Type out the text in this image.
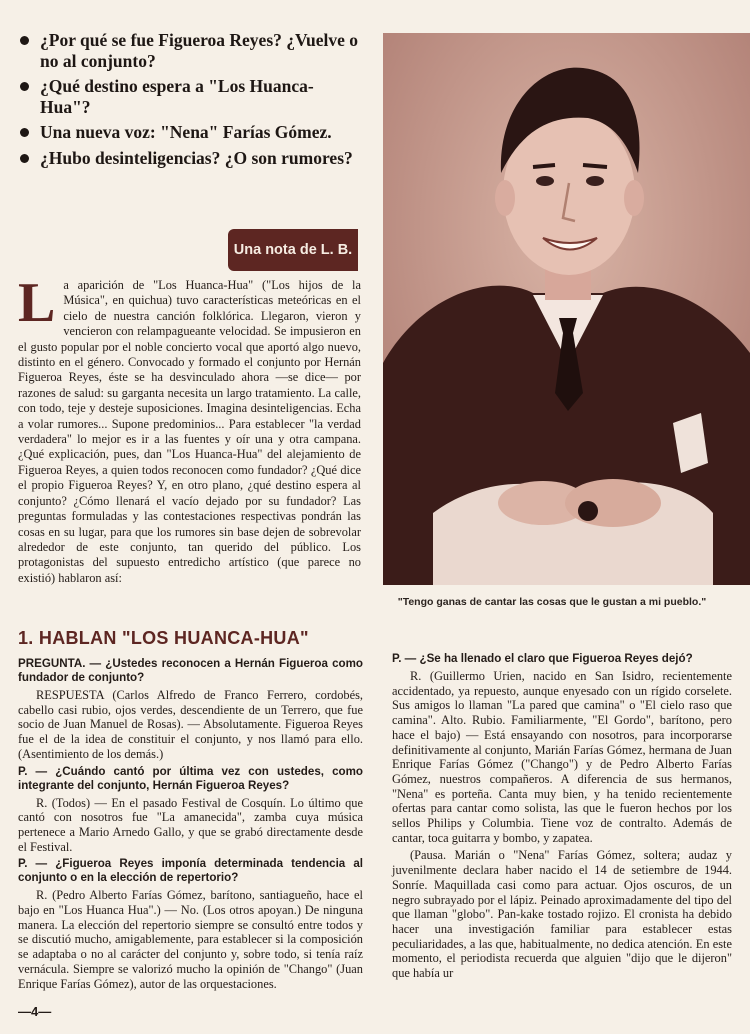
¿Por qué se fue Figueroa Reyes? ¿Vuelve o no al conjunto?
¿Qué destino espera a "Los Huanca-Hua"?
Una nueva voz: "Nena" Farías Gómez.
¿Hubo desinteligencias? ¿O son rumores?
Una nota de L. B.

La aparición de "Los Huanca-Hua" ("Los hijos de la Música", en quichua) tuvo características meteóricas en el cielo de nuestra canción folklórica. Llegaron, vieron y vencieron con relampagueante velocidad. Se impusieron en el gusto popular por el noble concierto vocal que aportó algo nuevo, distinto en el género. Convocado y formado el conjunto por Hernán Figueroa Reyes, éste se ha desvinculado ahora —se dice— por razones de salud: su garganta necesita un largo tratamiento. La calle, con todo, teje y desteje suposiciones. Imagina desinteligencias. Echa a volar rumores... Supone predominios... Para establecer "la verdad verdadera" lo mejor es ir a las fuentes y oír una y otra campana. ¿Qué explicación, pues, dan "Los Huanca-Hua" del alejamiento de Figueroa Reyes, a quien todos reconocen como fundador? ¿Qué dice el propio Figueroa Reyes? Y, en otro plano, ¿qué destino espera al conjunto? ¿Cómo llenará el vacío dejado por su fundador? Las preguntas formuladas y las contestaciones respectivas pondrán las cosas en su lugar, para que los rumores sin base dejen de sobrevolar alrededor de este conjunto, tan querido del público. Los protagonistas del supuesto entredicho artístico (que parece no existió) hablaron así:

"Tengo ganas de cantar las cosas que le gustan a mi pueblo."
1. HABLAN "LOS HUANCA-HUA"

PREGUNTA. — ¿Ustedes reconocen a Hernán Figueroa como fundador de conjunto?

RESPUESTA (Carlos Alfredo de Franco Ferrero, cordobés, cabello casi rubio, ojos verdes, descendiente de un Terrero, que fue socio de Juan Manuel de Rosas). — Absolutamente. Figueroa Reyes fue el de la idea de constituir el conjunto, y nos llamó para ello. (Asentimiento de los demás.)

P. — ¿Cuándo cantó por última vez con ustedes, como integrante del conjunto, Hernán Figueroa Reyes?

R. (Todos) — En el pasado Festival de Cosquín. Lo último que cantó con nosotros fue "La amanecida", zamba cuya música pertenece a Mario Arnedo Gallo, y que se grabó directamente desde el Festival.

P. — ¿Figueroa Reyes imponía determinada tendencia al conjunto o en la elección de repertorio?

R. (Pedro Alberto Farías Gómez, barítono, santiagueño, hace el bajo en "Los Huanca Hua".) — No. (Los otros apoyan.) De ninguna manera. La elección del repertorio siempre se consultó entre todos y se discutió mucho, amigablemente, para establecer si la composición se adaptaba o no al carácter del conjunto y, sobre todo, si tenía raíz vernácula. Siempre se valorizó mucho la opinión de "Chango" (Juan Enrique Farías Gómez), autor de las orquestaciones.

P. — ¿Se ha llenado el claro que Figueroa Reyes dejó?

R. (Guillermo Urien, nacido en San Isidro, recientemente accidentado, ya repuesto, aunque enyesado con un rígido corselete. Sus amigos lo llaman "La pared que camina" o "El cielo raso que camina". Alto. Rubio. Familiarmente, "El Gordo", barítono, pero hace el bajo) — Está ensayando con nosotros, para incorporarse definitivamente al conjunto, Marián Farías Gómez, hermana de Juan Enrique Farías Gómez ("Chango") y de Pedro Alberto Farías Gómez, nuestros compañeros. A diferencia de sus hermanos, "Nena" es porteña. Canta muy bien, y ha tenido recientemente ofertas para cantar como solista, las que le fueron hechos por los sellos Philips y Columbia. Tiene voz de contralto. Además de cantar, toca guitarra y bombo, y zapatea.

(Pausa. Marián o "Nena" Farías Gómez, soltera; audaz y juvenilmente declara haber nacido el 14 de setiembre de 1944. Sonríe. Maquillada casi como para actuar. Ojos oscuros, de un negro subrayado por el lápiz. Peinado aproximadamente del tipo del que llaman "globo". Pan-kake tostado rojizo. El cronista ha debido hacer una investigación familiar para establecer estas peculiaridades, a las que, habitualmente, no dedica atención. En este momento, el periodista recuerda que alguien "dijo que le dijeron" que había ur

—4—
